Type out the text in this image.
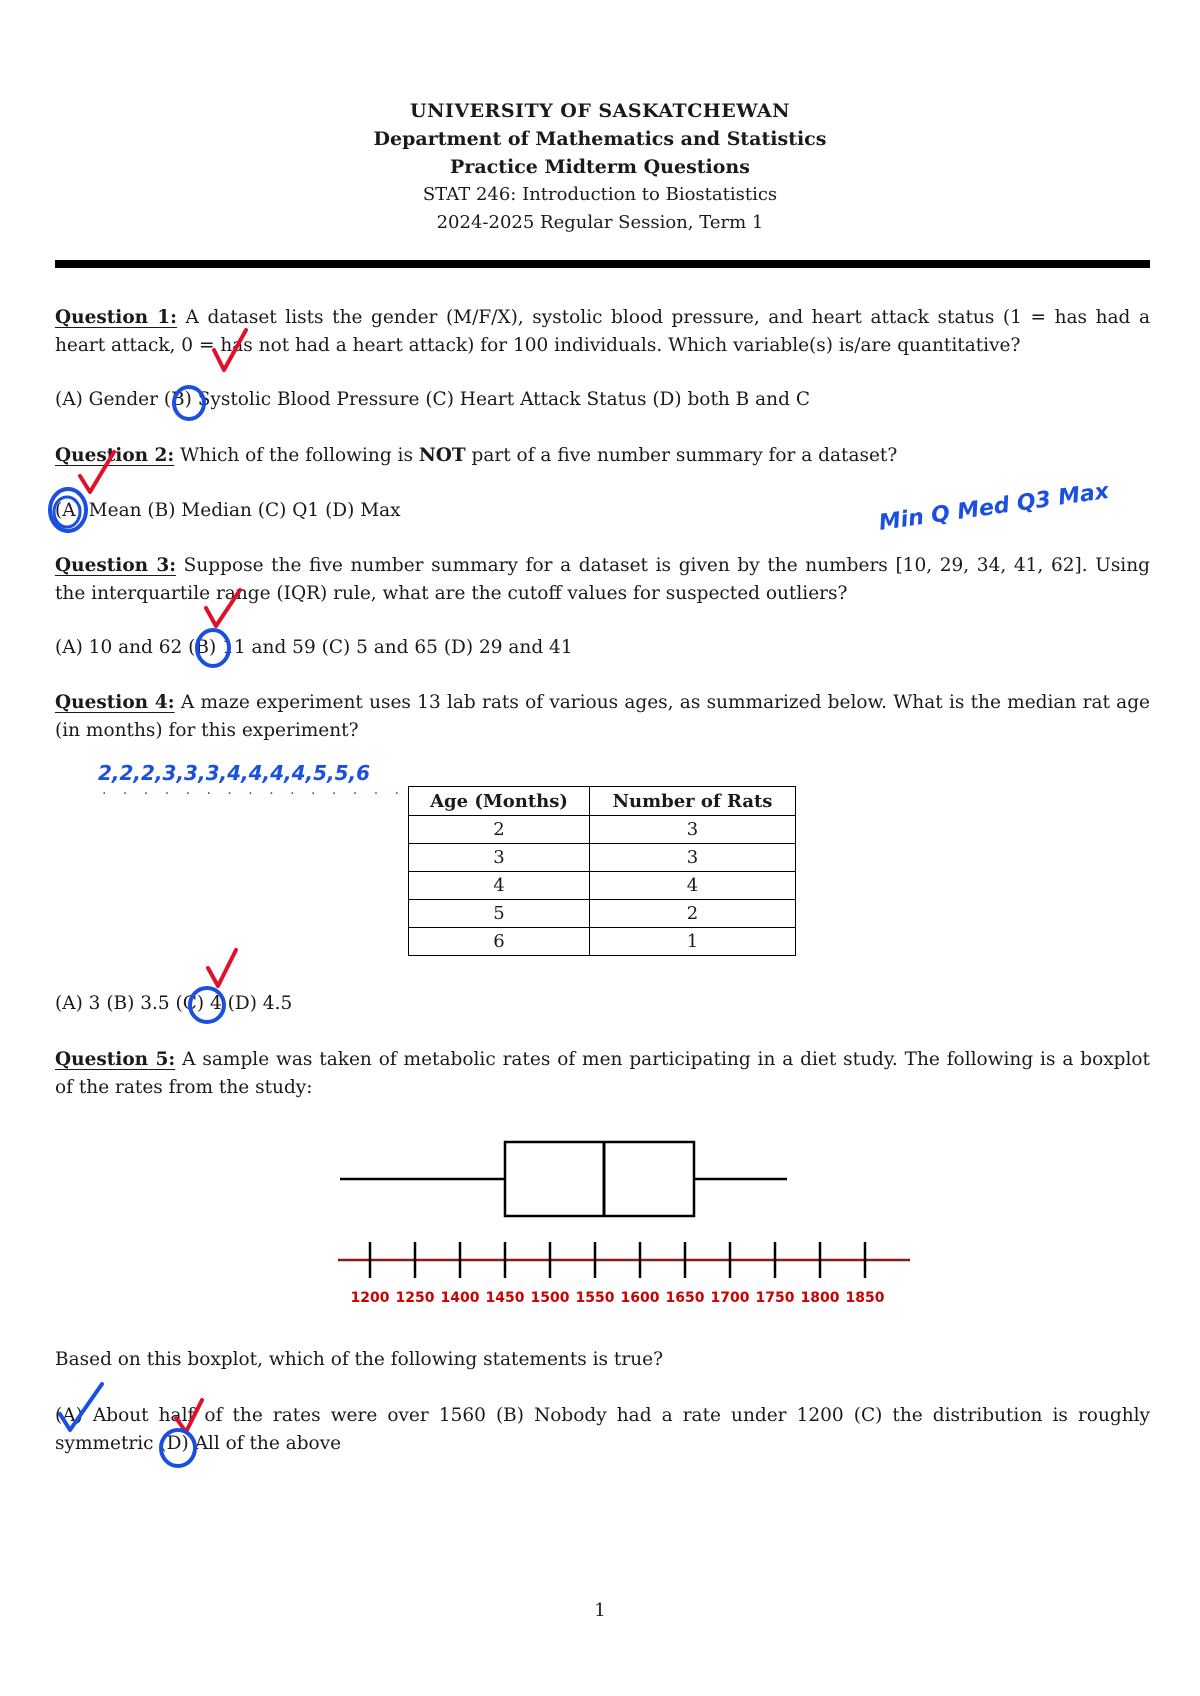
UNIVERSITY OF SASKATCHEWAN
Department of Mathematics and Statistics
Practice Midterm Questions
STAT 246: Introduction to Biostatistics
2024-2025 Regular Session, Term 1
Question 1: A dataset lists the gender (M/F/X), systolic blood pressure, and heart attack status (1 = has had a heart attack, 0 = has not had a heart attack) for 100 individuals. Which variable(s) is/are quantitative?
(A) Gender (B) Systolic Blood Pressure (C) Heart Attack Status (D) both B and C
Question 2: Which of the following is NOT part of a five number summary for a dataset?
(A) Mean (B) Median (C) Q1 (D) Max
Question 3: Suppose the five number summary for a dataset is given by the numbers [10, 29, 34, 41, 62]. Using the interquartile range (IQR) rule, what are the cutoff values for suspected outliers?
(A) 10 and 62 (B) 11 and 59 (C) 5 and 65 (D) 29 and 41
Question 4: A maze experiment uses 13 lab rats of various ages, as summarized below. What is the median rat age (in months) for this experiment?
Age (Months)	Number of Rats
2	3
3	3
4	4
5	2
6	1
(A) 3 (B) 3.5 (C) 4 (D) 4.5
Question 5: A sample was taken of metabolic rates of men participating in a diet study. The following is a boxplot of the rates from the study:
1200 1250 1400 1450 1500 1550 1600 1650 1700 1750 1800 1850
Based on this boxplot, which of the following statements is true?
(A) About half of the rates were over 1560 (B) Nobody had a rate under 1200 (C) the distribution is roughly symmetric (D) All of the above
Min Q Med Q3 Max
2,2,2,3,3,3,4,4,4,4,5,5,6
. . . . . . . . . . . . . . .
1
